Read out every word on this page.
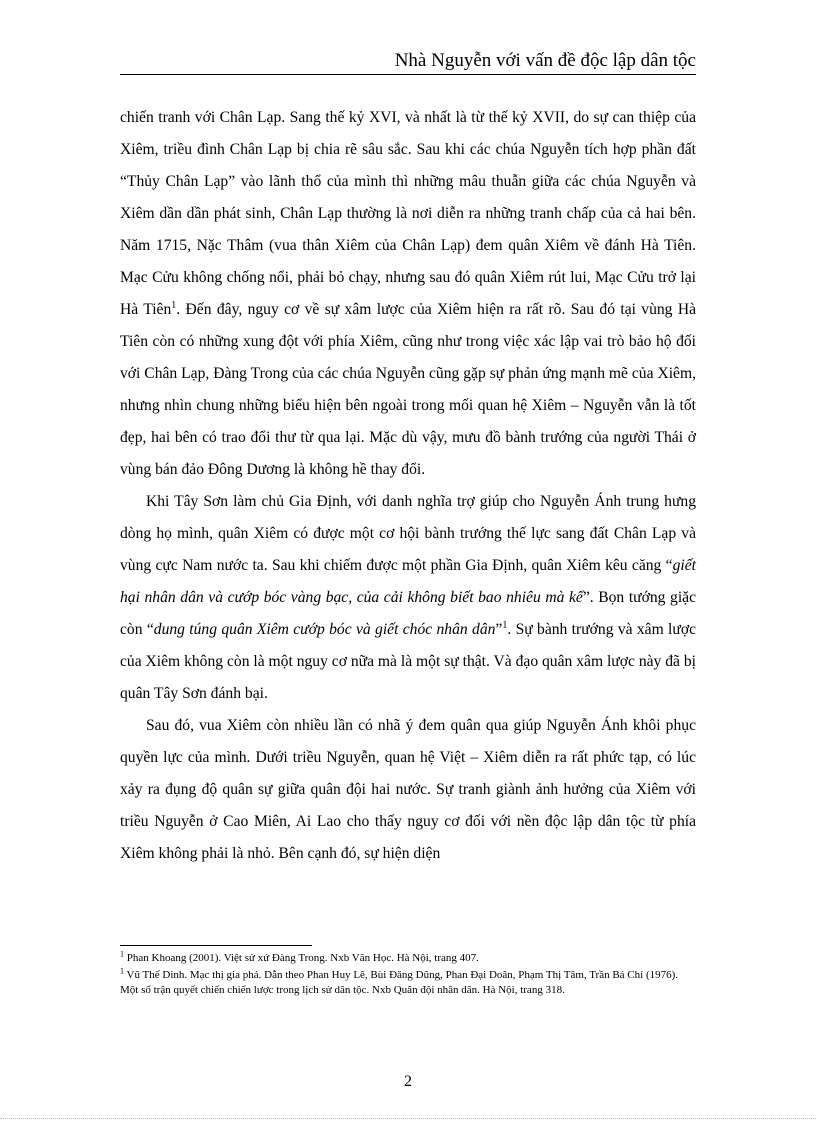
Nhà Nguyễn với vấn đề độc lập dân tộc

chiến tranh với Chân Lạp. Sang thế kỷ XVI, và nhất là từ thế kỷ XVII, do sự can thiệp của Xiêm, triều đình Chân Lạp bị chia rẽ sâu sắc. Sau khi các chúa Nguyễn tích hợp phần đất “Thủy Chân Lạp” vào lãnh thổ của mình thì những mâu thuẫn giữa các chúa Nguyễn và Xiêm dần dần phát sinh, Chân Lạp thường là nơi diễn ra những tranh chấp của cả hai bên. Năm 1715, Nặc Thâm (vua thân Xiêm của Chân Lạp) đem quân Xiêm về đánh Hà Tiên. Mạc Cửu không chống nổi, phải bỏ chạy, nhưng sau đó quân Xiêm rút lui, Mạc Cửu trở lại Hà Tiên$^1$. Đến đây, nguy cơ về sự xâm lược của Xiêm hiện ra rất rõ. Sau đó tại vùng Hà Tiên còn có những xung đột với phía Xiêm, cũng như trong việc xác lập vai trò bảo hộ đối với Chân Lạp, Đàng Trong của các chúa Nguyễn cũng gặp sự phản ứng mạnh mẽ của Xiêm, nhưng nhìn chung những biểu hiện bên ngoài trong mối quan hệ Xiêm – Nguyễn vẫn là tốt đẹp, hai bên có trao đổi thư từ qua lại. Mặc dù vậy, mưu đồ bành trướng của người Thái ở vùng bán đảo Đông Dương là không hề thay đổi.

Khi Tây Sơn làm chủ Gia Định, với danh nghĩa trợ giúp cho Nguyễn Ánh trung hưng dòng họ mình, quân Xiêm có được một cơ hội bành trướng thế lực sang đất Chân Lạp và vùng cực Nam nước ta. Sau khi chiếm được một phần Gia Định, quân Xiêm kêu căng “giết hại nhân dân và cướp bóc vàng bạc, của cải không biết bao nhiêu mà kể”. Bọn tướng giặc còn “dung túng quân Xiêm cướp bóc và giết chóc nhân dân”$^1$. Sự bành trướng và xâm lược của Xiêm không còn là một nguy cơ nữa mà là một sự thật. Và đạo quân xâm lược này đã bị quân Tây Sơn đánh bại.

Sau đó, vua Xiêm còn nhiều lần có nhã ý đem quân qua giúp Nguyễn Ánh khôi phục quyền lực của mình. Dưới triều Nguyễn, quan hệ Việt – Xiêm diễn ra rất phức tạp, có lúc xảy ra đụng độ quân sự giữa quân đội hai nước. Sự tranh giành ảnh hưởng của Xiêm với triều Nguyễn ở Cao Miên, Ai Lao cho thấy nguy cơ đối với nền độc lập dân tộc từ phía Xiêm không phải là nhỏ. Bên cạnh đó, sự hiện diện

$^1$ Phan Khoang (2001). Việt sử xứ Đàng Trong. Nxb Văn Học. Hà Nội, trang 407.

$^1$ Vũ Thế Dinh. Mạc thị gia phả. Dẫn theo Phan Huy Lê, Bùi Đăng Dũng, Phan Đại Doãn, Phạm Thị Tâm, Trần Bá Chí (1976). Một số trận quyết chiến chiến lược trong lịch sử dân tộc. Nxb Quân đội nhân dân. Hà Nội, trang 318.

2
